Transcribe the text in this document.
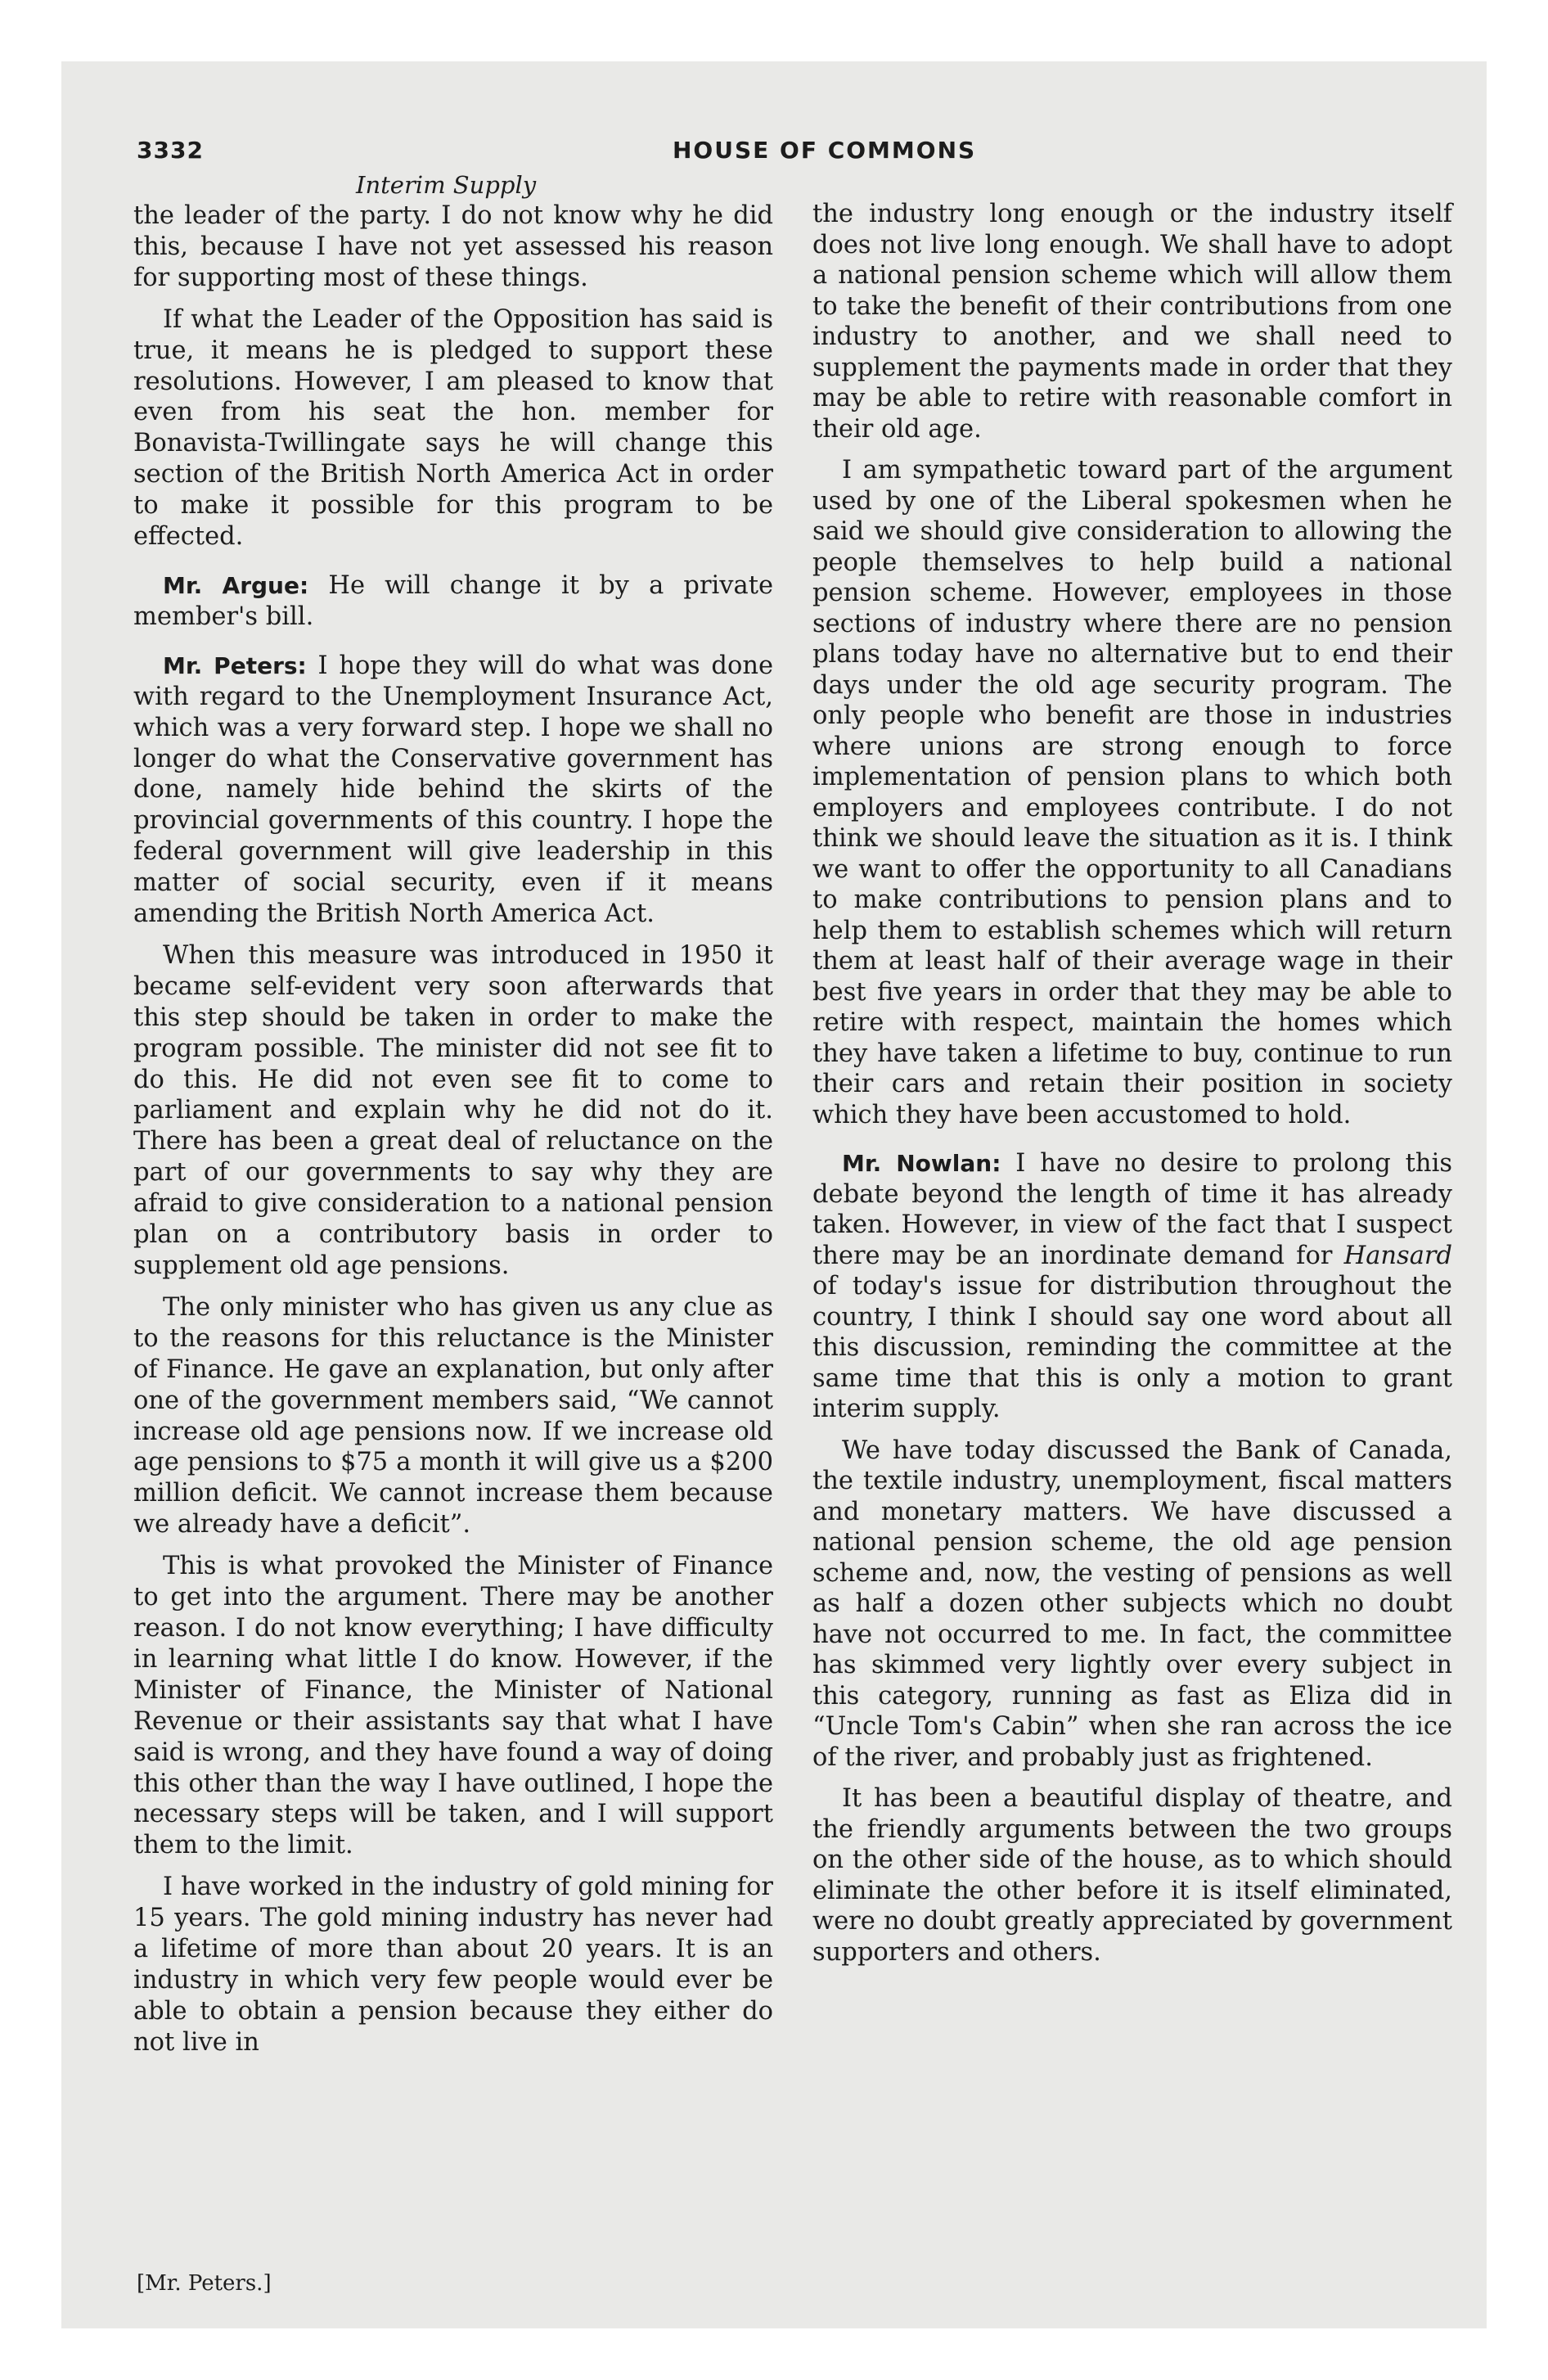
3332	HOUSE OF COMMONS
Interim Supply

the leader of the party. I do not know why he did this, because I have not yet assessed his reason for supporting most of these things.

If what the Leader of the Opposition has said is true, it means he is pledged to support these resolutions. However, I am pleased to know that even from his seat the hon. member for Bonavista-Twillingate says he will change this section of the British North America Act in order to make it possible for this program to be effected.

Mr. Argue: He will change it by a private member's bill.

Mr. Peters: I hope they will do what was done with regard to the Unemployment Insurance Act, which was a very forward step. I hope we shall no longer do what the Conservative government has done, namely hide behind the skirts of the provincial governments of this country. I hope the federal government will give leadership in this matter of social security, even if it means amending the British North America Act.

When this measure was introduced in 1950 it became self-evident very soon afterwards that this step should be taken in order to make the program possible. The minister did not see fit to do this. He did not even see fit to come to parliament and explain why he did not do it. There has been a great deal of reluctance on the part of our governments to say why they are afraid to give consideration to a national pension plan on a contributory basis in order to supplement old age pensions.

The only minister who has given us any clue as to the reasons for this reluctance is the Minister of Finance. He gave an explanation, but only after one of the government members said, “We cannot increase old age pensions now. If we increase old age pensions to $75 a month it will give us a $200 million deficit. We cannot increase them because we already have a deficit”.

This is what provoked the Minister of Finance to get into the argument. There may be another reason. I do not know everything; I have difficulty in learning what little I do know. However, if the Minister of Finance, the Minister of National Revenue or their assistants say that what I have said is wrong, and they have found a way of doing this other than the way I have outlined, I hope the necessary steps will be taken, and I will support them to the limit.

I have worked in the industry of gold mining for 15 years. The gold mining industry has never had a lifetime of more than about 20 years. It is an industry in which very few people would ever be able to obtain a pension because they either do not live in

the industry long enough or the industry itself does not live long enough. We shall have to adopt a national pension scheme which will allow them to take the benefit of their contributions from one industry to another, and we shall need to supplement the payments made in order that they may be able to retire with reasonable comfort in their old age.

I am sympathetic toward part of the argument used by one of the Liberal spokesmen when he said we should give consideration to allowing the people themselves to help build a national pension scheme. However, employees in those sections of industry where there are no pension plans today have no alternative but to end their days under the old age security program. The only people who benefit are those in industries where unions are strong enough to force implementation of pension plans to which both employers and employees contribute. I do not think we should leave the situation as it is. I think we want to offer the opportunity to all Canadians to make contributions to pension plans and to help them to establish schemes which will return them at least half of their average wage in their best five years in order that they may be able to retire with respect, maintain the homes which they have taken a lifetime to buy, continue to run their cars and retain their position in society which they have been accustomed to hold.

Mr. Nowlan: I have no desire to prolong this debate beyond the length of time it has already taken. However, in view of the fact that I suspect there may be an inordinate demand for Hansard of today's issue for distribution throughout the country, I think I should say one word about all this discussion, reminding the committee at the same time that this is only a motion to grant interim supply.

We have today discussed the Bank of Canada, the textile industry, unemployment, fiscal matters and monetary matters. We have discussed a national pension scheme, the old age pension scheme and, now, the vesting of pensions as well as half a dozen other subjects which no doubt have not occurred to me. In fact, the committee has skimmed very lightly over every subject in this category, running as fast as Eliza did in “Uncle Tom's Cabin” when she ran across the ice of the river, and probably just as frightened.

It has been a beautiful display of theatre, and the friendly arguments between the two groups on the other side of the house, as to which should eliminate the other before it is itself eliminated, were no doubt greatly appreciated by government supporters and others.

[Mr. Peters.]
